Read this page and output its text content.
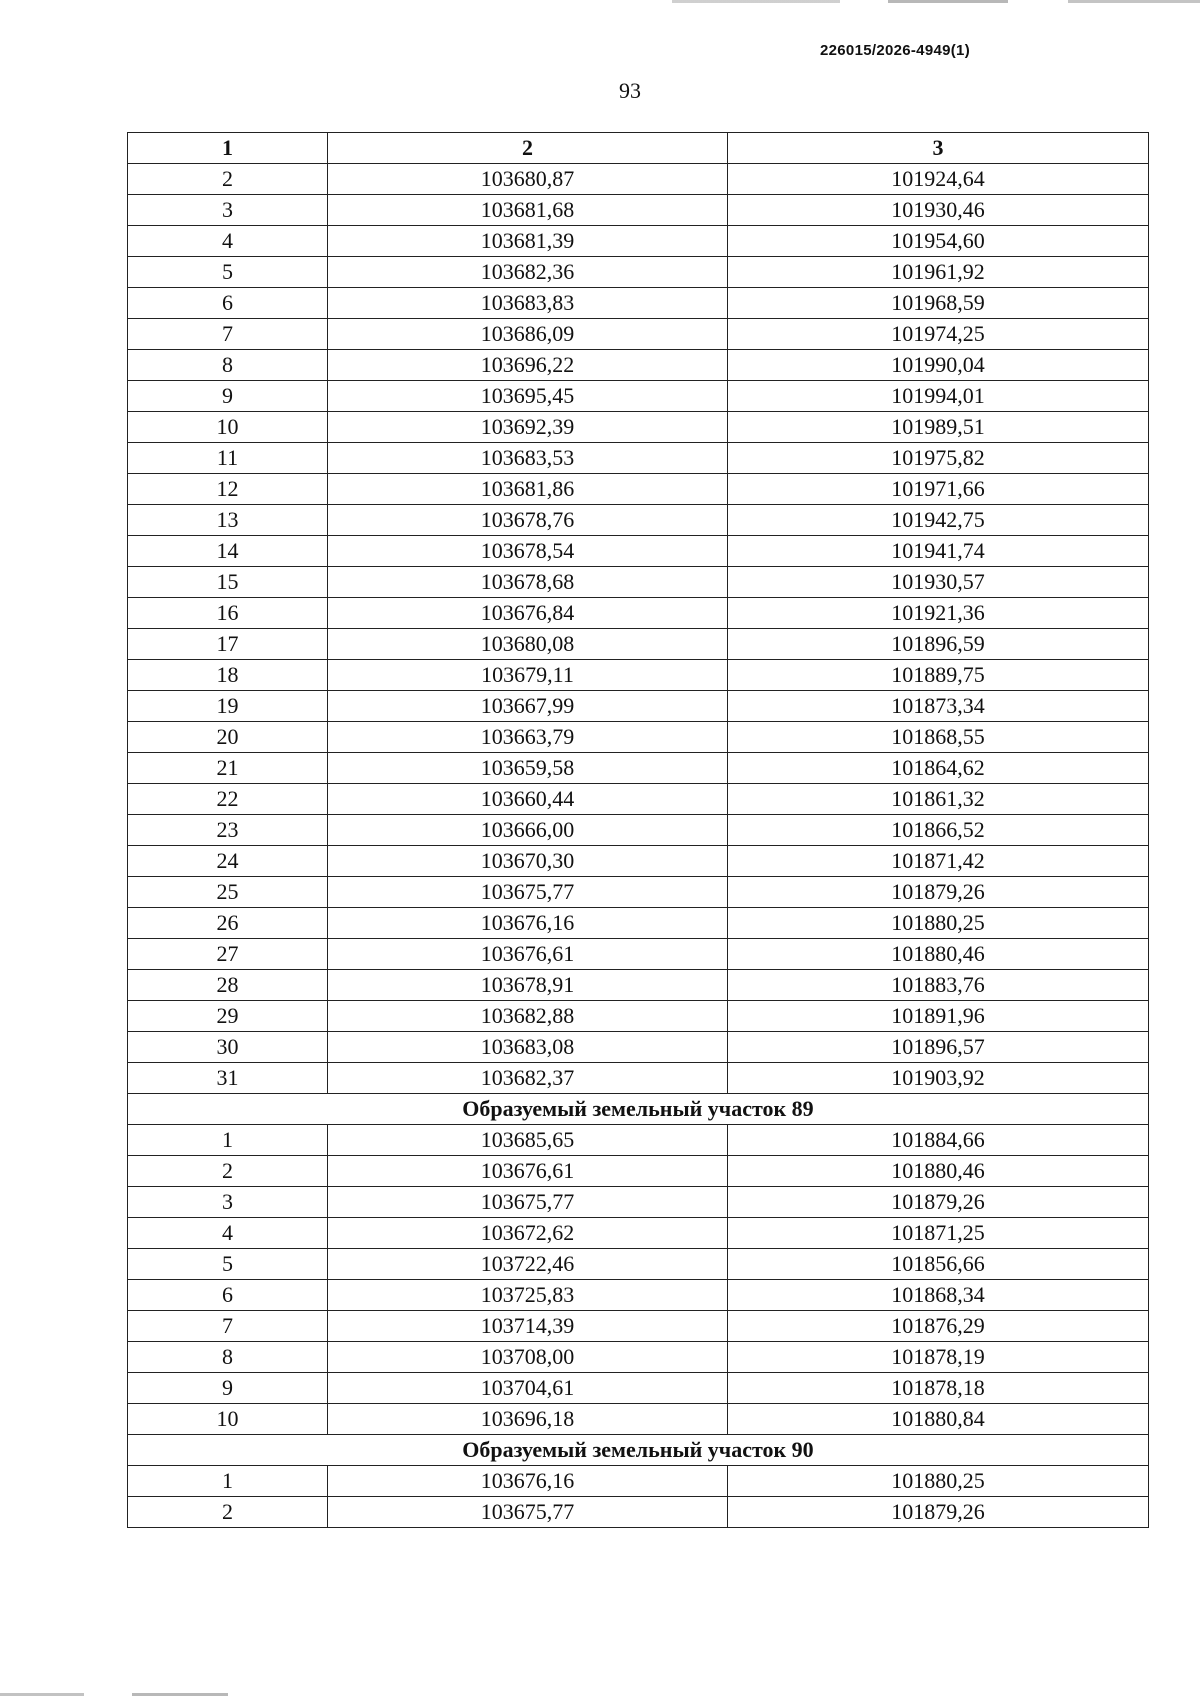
226015/2026-4949(1)
93
1	2	3
2	103680,87	101924,64
3	103681,68	101930,46
4	103681,39	101954,60
5	103682,36	101961,92
6	103683,83	101968,59
7	103686,09	101974,25
8	103696,22	101990,04
9	103695,45	101994,01
10	103692,39	101989,51
11	103683,53	101975,82
12	103681,86	101971,66
13	103678,76	101942,75
14	103678,54	101941,74
15	103678,68	101930,57
16	103676,84	101921,36
17	103680,08	101896,59
18	103679,11	101889,75
19	103667,99	101873,34
20	103663,79	101868,55
21	103659,58	101864,62
22	103660,44	101861,32
23	103666,00	101866,52
24	103670,30	101871,42
25	103675,77	101879,26
26	103676,16	101880,25
27	103676,61	101880,46
28	103678,91	101883,76
29	103682,88	101891,96
30	103683,08	101896,57
31	103682,37	101903,92
Образуемый земельный участок 89		
1	103685,65	101884,66
2	103676,61	101880,46
3	103675,77	101879,26
4	103672,62	101871,25
5	103722,46	101856,66
6	103725,83	101868,34
7	103714,39	101876,29
8	103708,00	101878,19
9	103704,61	101878,18
10	103696,18	101880,84
Образуемый земельный участок 90		
1	103676,16	101880,25
2	103675,77	101879,26
